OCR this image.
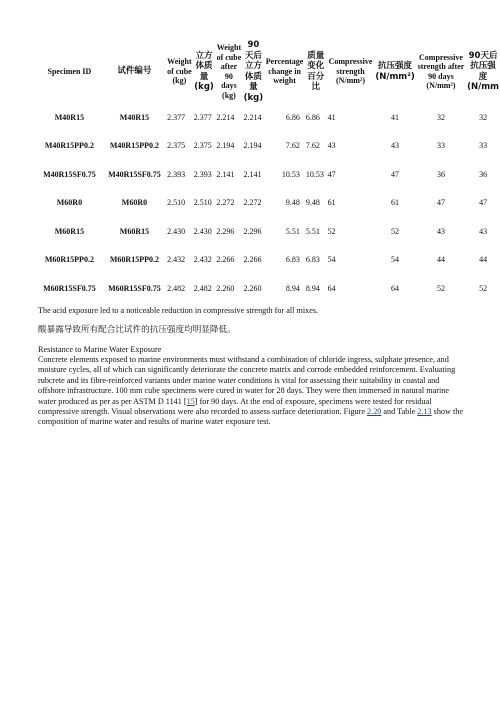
Specimen ID	试件编号	Weight of cube (kg)	立方体质量(kg)	Weight of cube after 90 days (kg)	90天后立方体质量(kg)	Percentage change in weight	质量变化百分比	Compressive strength (N/mm²)	抗压强度(N/mm²)	Compressive strength after 90 days (N/mm²)	90天后抗压强度(N/mm
M40R15	M40R15	2.377	2.377	2.214	2.214	6.86	6.86	41	41	32	32
M40R15PP0.2	M40R15PP0.2	2.375	2.375	2.194	2.194	7.62	7.62	43	43	33	33
M40R15SF0.75	M40R15SF0.75	2.393	2.393	2.141	2.141	10.53	10.53	47	47	36	36
M60R0	M60R0	2.510	2.510	2.272	2.272	9.48	9.48	61	61	47	47
M60R15	M60R15	2.430	2.430	2.296	2.296	5.51	5.51	52	52	43	43
M60R15PP0.2	M60R15PP0.2	2.432	2.432	2.266	2.266	6.83	6.83	54	54	44	44
M60R15SF0.75	M60R15SF0.75	2.482	2.482	2.260	2.260	8.94	8.94	64	64	52	52
The acid exposure led to a noticeable reduction in compressive strength for all mixes.
酸暴露导致所有配合比试件的抗压强度均明显降低。
Resistance to Marine Water Exposure
Concrete elements exposed to marine environments must withstand a combination of chloride ingress, sulphate presence, and moisture cycles, all of which can significantly deteriorate the concrete matrix and corrode embedded reinforcement. Evaluating rubcrete and its fibre-reinforced variants under marine water conditions is vital for assessing their suitability in coastal and offshore infrastructure. 100 mm cube specimens were cured in water for 28 days. They were then immersed in natural marine water produced as per as per ASTM D 1141 [15] for 90 days. At the end of exposure, specimens were tested for residual compressive strength. Visual observations were also recorded to assess surface deterioration. Figure 2.20 and Table 2.13 show the composition of marine water and results of marine water exposure test.
